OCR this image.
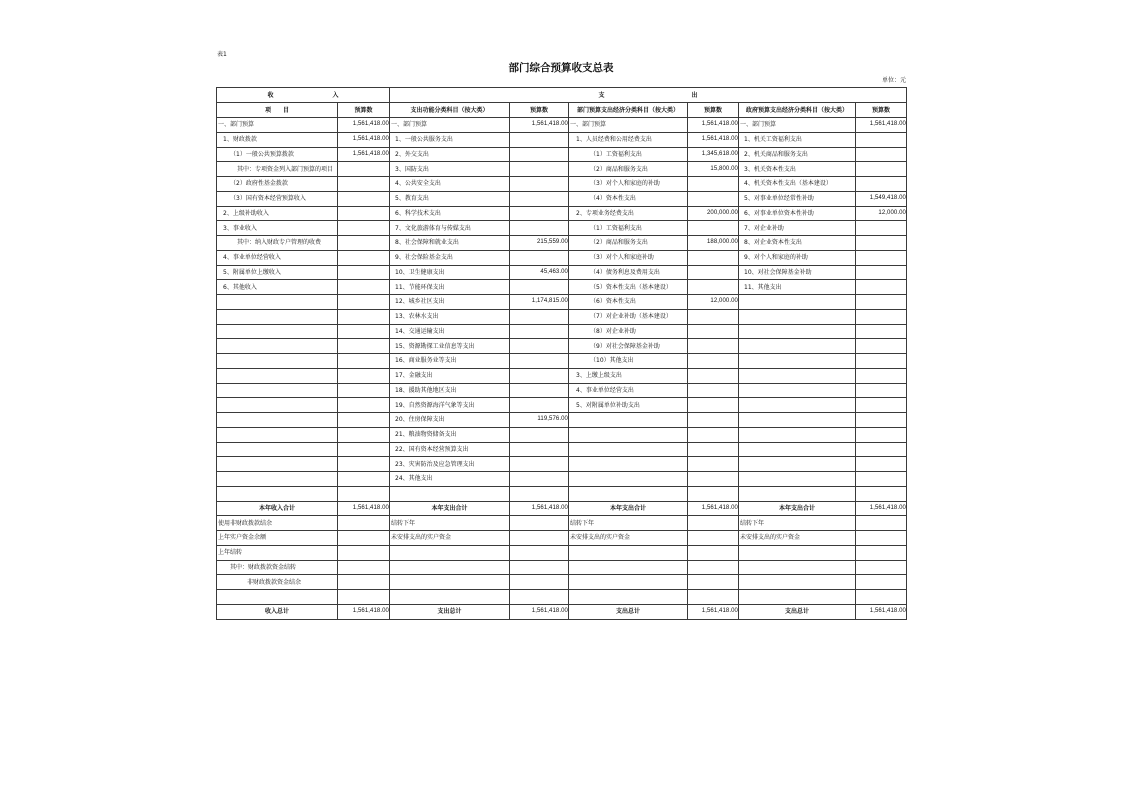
表1
部门综合预算收支总表
单位：元
收 入		支 出					

项　　目	预算数	支出功能分类科目（按大类）	预算数	部门预算支出经济分类科目（按大类）	预算数	政府预算支出经济分类科目（按大类）	预算数
一、部门预算	1,561,418.00	一、部门预算	1,561,418.00	一、部门预算	1,561,418.00	一、部门预算	1,561,418.00
1、财政拨款	1,561,418.00	1、一般公共服务支出		1、人员经费和公用经费支出	1,561,418.00	1、机关工资福利支出	
（1）一般公共预算拨款	1,561,418.00	2、外交支出		（1）工资福利支出	1,345,618.00	2、机关商品和服务支出	
其中：专项资金列入部门预算的项目		3、国防支出		（2）商品和服务支出	15,800.00	3、机关资本性支出	
（2）政府性基金拨款		4、公共安全支出		（3）对个人和家庭的补助		4、机关资本性支出（基本建设）	
（3）国有资本经营预算收入		5、教育支出		（4）资本性支出		5、对事业单位经常性补助	1,549,418.00
2、上级补助收入		6、科学技术支出		2、专项业务经费支出	200,000.00	6、对事业单位资本性补助	12,000.00
3、事业收入		7、文化旅游体育与传媒支出		（1）工资福利支出		7、对企业补助	
其中：纳入财政专户管理的收费		8、社会保障和就业支出	215,559.00	（2）商品和服务支出	188,000.00	8、对企业资本性支出	
4、事业单位经营收入		9、社会保险基金支出		（3）对个人和家庭补助		9、对个人和家庭的补助	
5、附属单位上缴收入		10、卫生健康支出	45,463.00	（4）债务利息及费用支出		10、对社会保障基金补助	
6、其他收入		11、节能环保支出		（5）资本性支出（基本建设）		11、其他支出	
		12、城乡社区支出	1,174,815.00	（6）资本性支出	12,000.00		
		13、农林水支出		（7）对企业补助（基本建设）			
		14、交通运输支出		（8）对企业补助			
		15、资源勘探工业信息等支出		（9）对社会保障基金补助			
		16、商业服务业等支出		（10）其他支出			
		17、金融支出		3、上缴上级支出			
		18、援助其他地区支出		4、事业单位经营支出			
		19、自然资源海洋气象等支出		5、对附属单位补助支出			
		20、住房保障支出	119,576.00				
		21、粮油物资储备支出					
		22、国有资本经营预算支出					
		23、灾害防治及应急管理支出					
		24、其他支出					

本年收入合计	1,561,418.00	本年支出合计	1,561,418.00	本年支出合计	1,561,418.00	本年支出合计	1,561,418.00
使用非财政拨款结余		结转下年		结转下年		结转下年	
上年实户资金余额		未安排支出的实户资金		未安排支出的实户资金		未安排支出的实户资金	
上年结转							
其中：财政拨款资金结转							
非财政拨款资金结余							

收入总计	1,561,418.00	支出总计	1,561,418.00	支出总计	1,561,418.00	支出总计	1,561,418.00
